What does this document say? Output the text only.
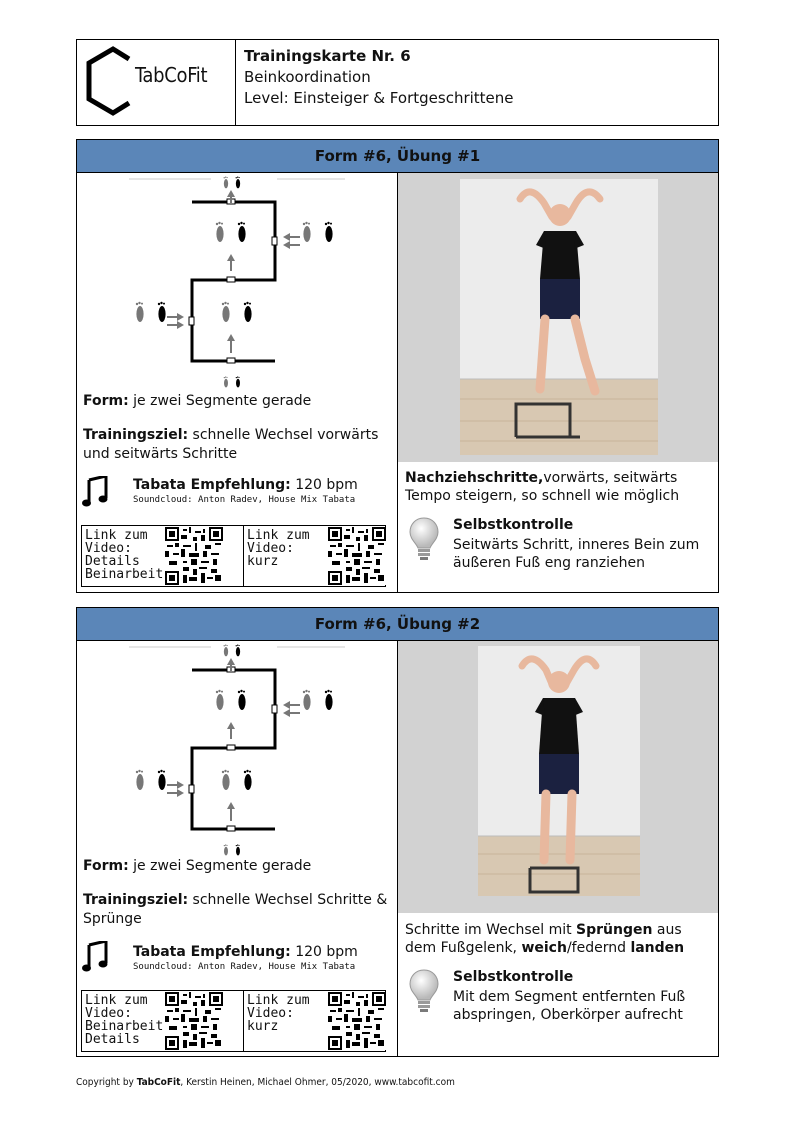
TabCoFit
Trainingskarte Nr. 6
Beinkoordination
Level: Einsteiger & Fortgeschrittene
Form #6, Übung #1
Form: je zwei Segmente gerade
Trainingsziel: schnelle Wechsel vorwärts und seitwärts Schritte
Tabata Empfehlung: 120 bpm
Soundcloud: Anton Radev, House Mix Tabata
Link zum
Video:
Details
Beinarbeit
Link zum
Video:
kurz
Nachziehschritte,vorwärts, seitwärts Tempo steigern, so schnell wie möglich
Selbstkontrolle
Seitwärts Schritt, inneres Bein zum äußeren Fuß eng ranziehen
Form #6, Übung #2
Form: je zwei Segmente gerade
Trainingsziel: schnelle Wechsel Schritte & Sprünge
Tabata Empfehlung: 120 bpm
Soundcloud: Anton Radev, House Mix Tabata
Link zum
Video:
Beinarbeit
Details
Link zum
Video:
kurz
Schritte im Wechsel mit Sprüngen aus dem Fußgelenk, weich/federnd landen
Selbstkontrolle
Mit dem Segment entfernten Fuß abspringen, Oberkörper aufrecht
Copyright by TabCoFit, Kerstin Heinen, Michael Ohmer, 05/2020, www.tabcofit.com
